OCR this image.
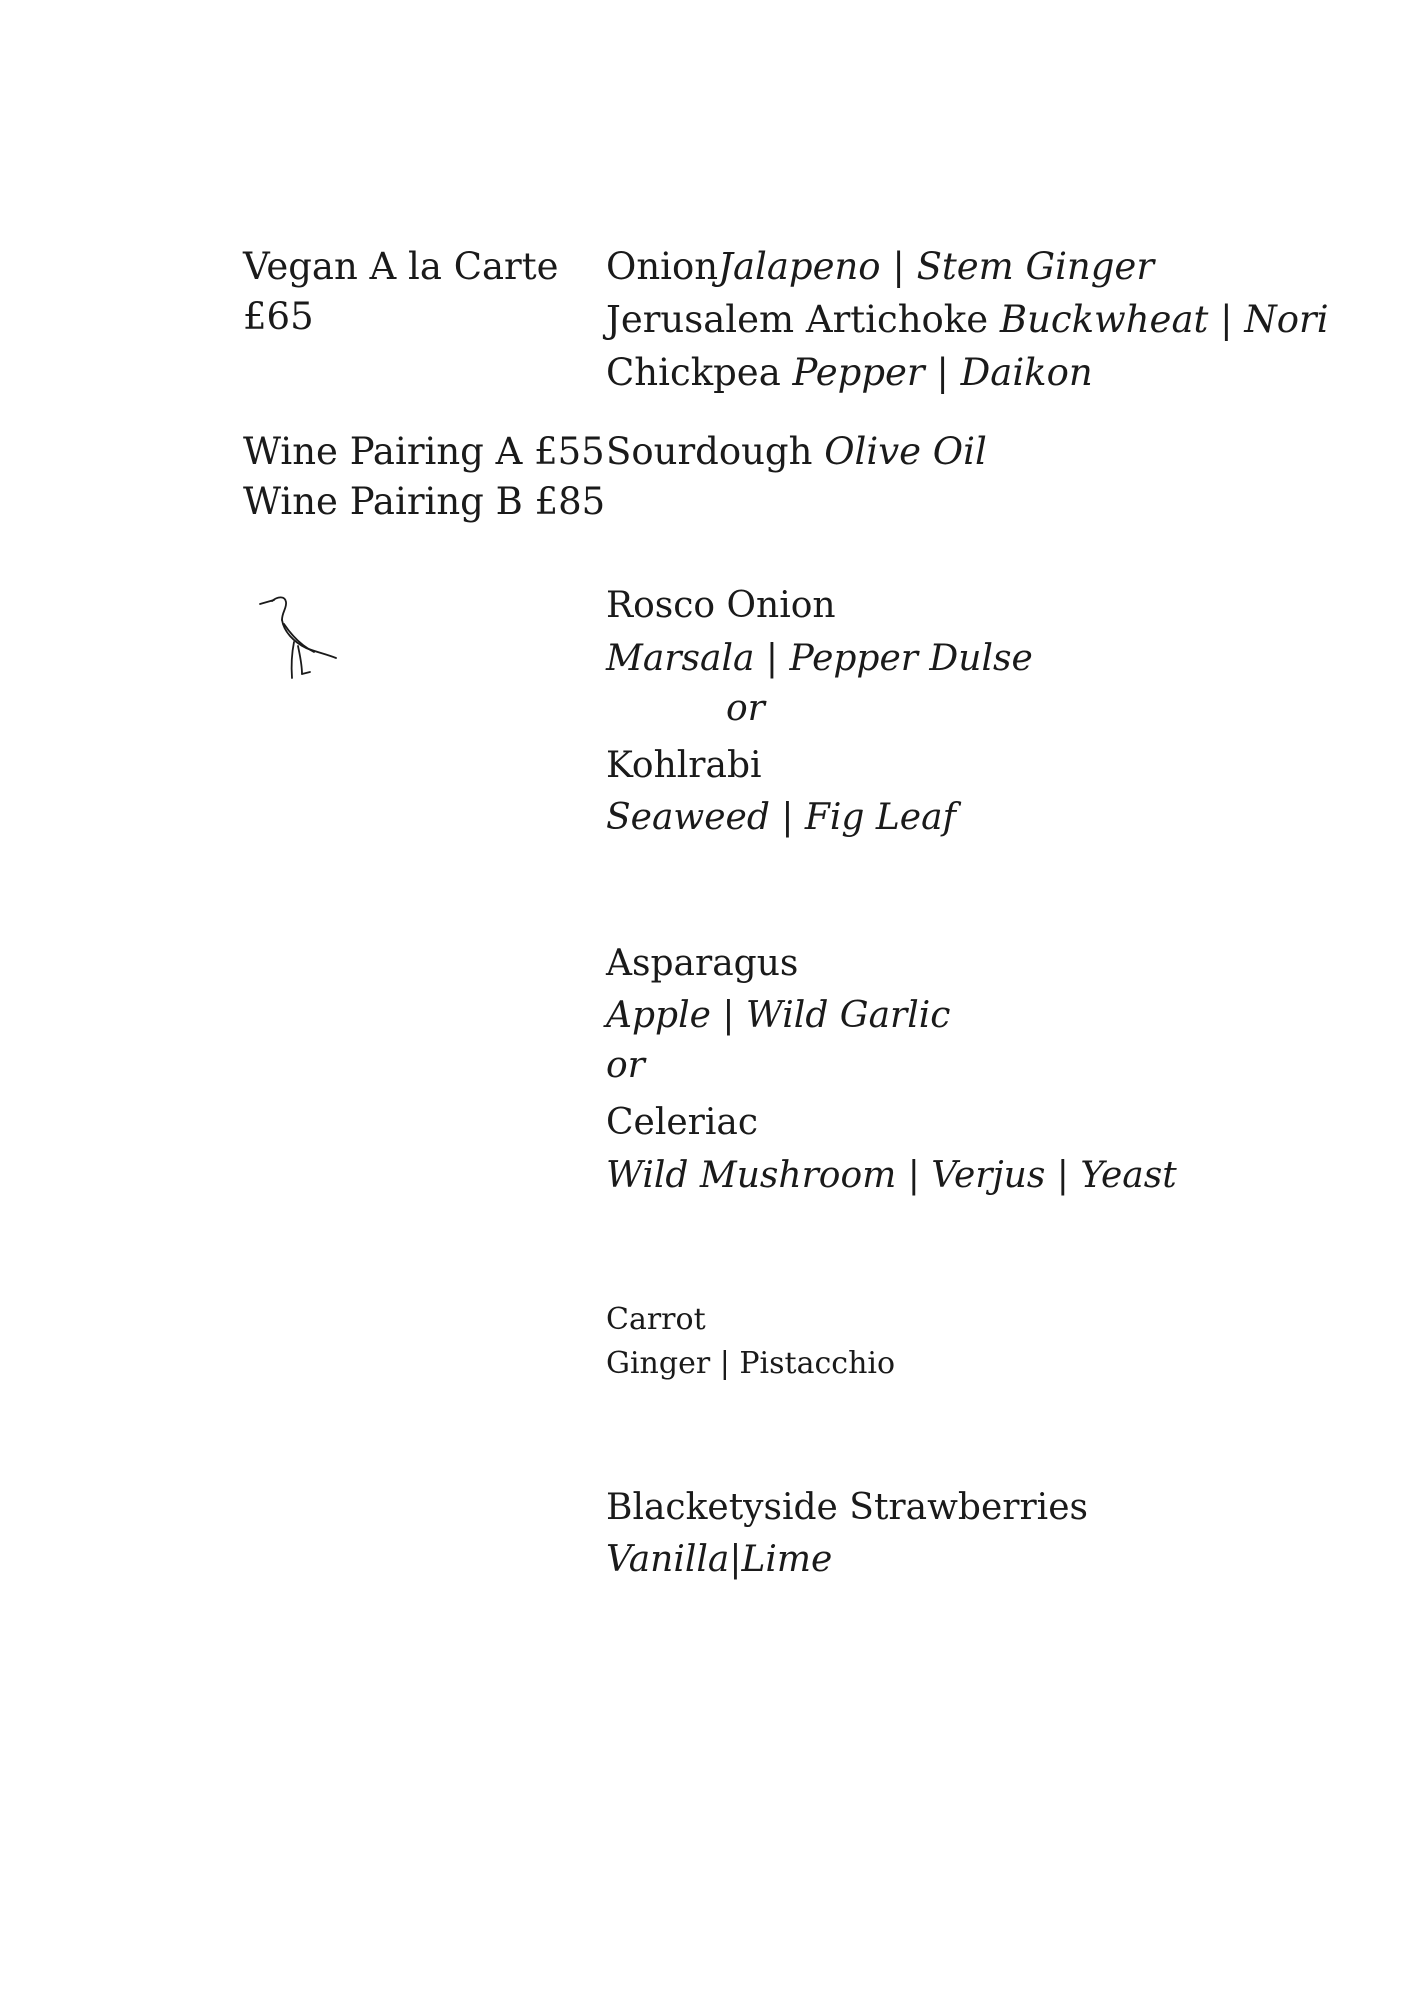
Vegan A la Carte
£65
Wine Pairing A £55
Wine Pairing B £85
OnionJalapeno | Stem Ginger
Jerusalem Artichoke Buckwheat | Nori
Chickpea Pepper | Daikon
Sourdough Olive Oil
Rosco Onion
Marsala | Pepper Dulse
or
Kohlrabi
Seaweed | Fig Leaf
Asparagus
Apple | Wild Garlic
or
Celeriac
Wild Mushroom | Verjus | Yeast
Carrot
Ginger | Pistacchio
Blacketyside Strawberries
Vanilla|Lime
